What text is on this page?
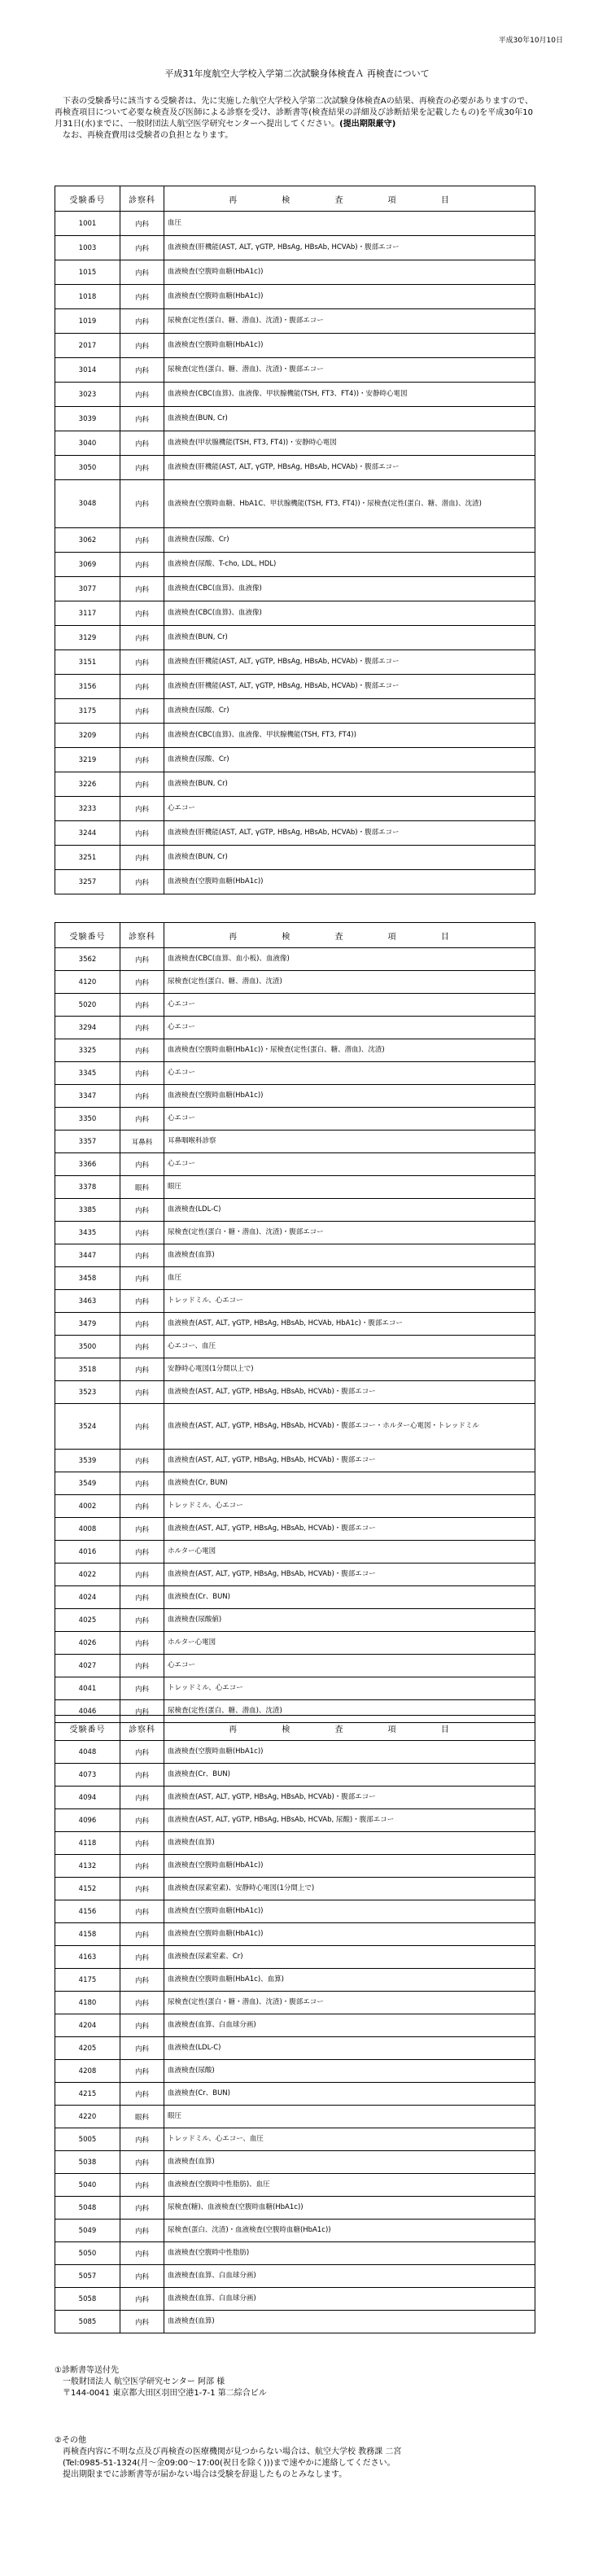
平成30年10月10日
平成31年度航空大学校入学第二次試験身体検査Ａ 再検査について

下表の受験番号に該当する受験者は、先に実施した航空大学校入学第二次試験身体検査Aの結果、再検査の必要がありますので、再検査項目について必要な検査及び医師による診察を受け、診断書等(検査結果の詳細及び診断結果を記載したもの)を平成30年10月31日(水)までに、一般財団法人航空医学研究センターへ提出してください。(提出期限厳守)

なお、再検査費用は受験者の負担となります。

受験番号	診察科	再 検 査 項 目
1001	内科	血圧
1003	内科	血液検査(肝機能(AST, ALT, γGTP, HBsAg, HBsAb, HCVAb)・腹部エコー
1015	内科	血液検査(空腹時血糖(HbA1c))
1018	内科	血液検査(空腹時血糖(HbA1c))
1019	内科	尿検査(定性(蛋白、糖、潜血)、沈渣)・腹部エコー
2017	内科	血液検査(空腹時血糖(HbA1c))
3014	内科	尿検査(定性(蛋白、糖、潜血)、沈渣)・腹部エコー
3023	内科	血液検査(CBC(血算)、血液像、甲状腺機能(TSH, FT3、FT4))・安静時心電図
3039	内科	血液検査(BUN, Cr)
3040	内科	血液検査(甲状腺機能(TSH, FT3, FT4))・安静時心電図
3050	内科	血液検査(肝機能(AST, ALT, γGTP, HBsAg, HBsAb, HCVAb)・腹部エコー
3048	内科	血液検査(空腹時血糖、HbA1C、甲状腺機能(TSH, FT3, FT4))・尿検査(定性(蛋白、糖、潜血)、沈渣)
3062	内科	血液検査(尿酸、Cr)
3069	内科	血液検査(尿酸、T-cho, LDL, HDL)
3077	内科	血液検査(CBC(血算)、血液像)
3117	内科	血液検査(CBC(血算)、血液像)
3129	内科	血液検査(BUN, Cr)
3151	内科	血液検査(肝機能(AST, ALT, γGTP, HBsAg, HBsAb, HCVAb)・腹部エコー
3156	内科	血液検査(肝機能(AST, ALT, γGTP, HBsAg, HBsAb, HCVAb)・腹部エコー
3175	内科	血液検査(尿酸、Cr)
3209	内科	血液検査(CBC(血算)、血液像、甲状腺機能(TSH, FT3, FT4))
3219	内科	血液検査(尿酸、Cr)
3226	内科	血液検査(BUN, Cr)
3233	内科	心エコー
3244	内科	血液検査(肝機能(AST, ALT, γGTP, HBsAg, HBsAb, HCVAb)・腹部エコー
3251	内科	血液検査(BUN, Cr)
3257	内科	血液検査(空腹時血糖(HbA1c))
受験番号	診察科	再 検 査 項 目
3562	内科	血液検査(CBC(血算、血小板)、血液像)
4120	内科	尿検査(定性(蛋白、糖、潜血)、沈渣)
5020	内科	心エコー
3294	内科	心エコー
3325	内科	血液検査(空腹時血糖(HbA1c))・尿検査(定性(蛋白、糖、潜血)、沈渣)
3345	内科	心エコー
3347	内科	血液検査(空腹時血糖(HbA1c))
3350	内科	心エコー
3357	耳鼻科	耳鼻咽喉科診察
3366	内科	心エコー
3378	眼科	眼圧
3385	内科	血液検査(LDL-C)
3435	内科	尿検査(定性(蛋白・糖・潜血)、沈渣)・腹部エコー
3447	内科	血液検査(血算)
3458	内科	血圧
3463	内科	トレッドミル、心エコー
3479	内科	血液検査(AST, ALT, γGTP, HBsAg, HBsAb, HCVAb, HbA1c)・腹部エコー
3500	内科	心エコー、血圧
3518	内科	安静時心電図(1分間以上で)
3523	内科	血液検査(AST, ALT, γGTP, HBsAg, HBsAb, HCVAb)・腹部エコー
3524	内科	血液検査(AST, ALT, γGTP, HBsAg, HBsAb, HCVAb)・腹部エコー・ホルター心電図・トレッドミル
3539	内科	血液検査(AST, ALT, γGTP, HBsAg, HBsAb, HCVAb)・腹部エコー
3549	内科	血液検査(Cr, BUN)
4002	内科	トレッドミル、心エコー
4008	内科	血液検査(AST, ALT, γGTP, HBsAg, HBsAb, HCVAb)・腹部エコー
4016	内科	ホルター心電図
4022	内科	血液検査(AST, ALT, γGTP, HBsAg, HBsAb, HCVAb)・腹部エコー
4024	内科	血液検査(Cr、BUN)
4025	内科	血液検査(尿酸値)
4026	内科	ホルター心電図
4027	内科	心エコー
4041	内科	トレッドミル、心エコー
4046	内科	尿検査(定性(蛋白、糖、潜血)、沈渣)
受験番号	診察科	再 検 査 項 目
4048	内科	血液検査(空腹時血糖(HbA1c))
4073	内科	血液検査(Cr、BUN)
4094	内科	血液検査(AST, ALT, γGTP, HBsAg, HBsAb, HCVAb)・腹部エコー
4096	内科	血液検査(AST, ALT, γGTP, HBsAg, HBsAb, HCVAb, 尿酸)・腹部エコー
4118	内科	血液検査(血算)
4132	内科	血液検査(空腹時血糖(HbA1c))
4152	内科	血液検査(尿素窒素)、安静時心電図(1分間上で)
4156	内科	血液検査(空腹時血糖(HbA1c))
4158	内科	血液検査(空腹時血糖(HbA1c))
4163	内科	血液検査(尿素窒素、Cr)
4175	内科	血液検査(空腹時血糖(HbA1c)、血算)
4180	内科	尿検査(定性(蛋白・糖・潜血)、沈渣)・腹部エコー
4204	内科	血液検査(血算、白血球分画)
4205	内科	血液検査(LDL-C)
4208	内科	血液検査(尿酸)
4215	内科	血液検査(Cr、BUN)
4220	眼科	眼圧
5005	内科	トレッドミル、心エコー、血圧
5038	内科	血液検査(血算)
5040	内科	血液検査(空腹時中性脂肪)、血圧
5048	内科	尿検査(糖)、血液検査(空腹時血糖(HbA1c))
5049	内科	尿検査(蛋白、沈渣)・血液検査(空腹時血糖(HbA1c))
5050	内科	血液検査(空腹時中性脂肪)
5057	内科	血液検査(血算、白血球分画)
5058	内科	血液検査(血算、白血球分画)
5085	内科	血液検査(血算)
①診断書等送付先
一般財団法人 航空医学研究センター 阿部 様
〒144-0041 東京都大田区羽田空港1-7-1 第二綜合ビル
②その他
再検査内容に不明な点及び再検査の医療機関が見つからない場合は、航空大学校 教務課 二宮
(Tel:0985-51-1324(月～金09:00～17:00(祝日を除く)))まで速やかに連絡してください。
提出期限までに診断書等が届かない場合は受験を辞退したものとみなします。
